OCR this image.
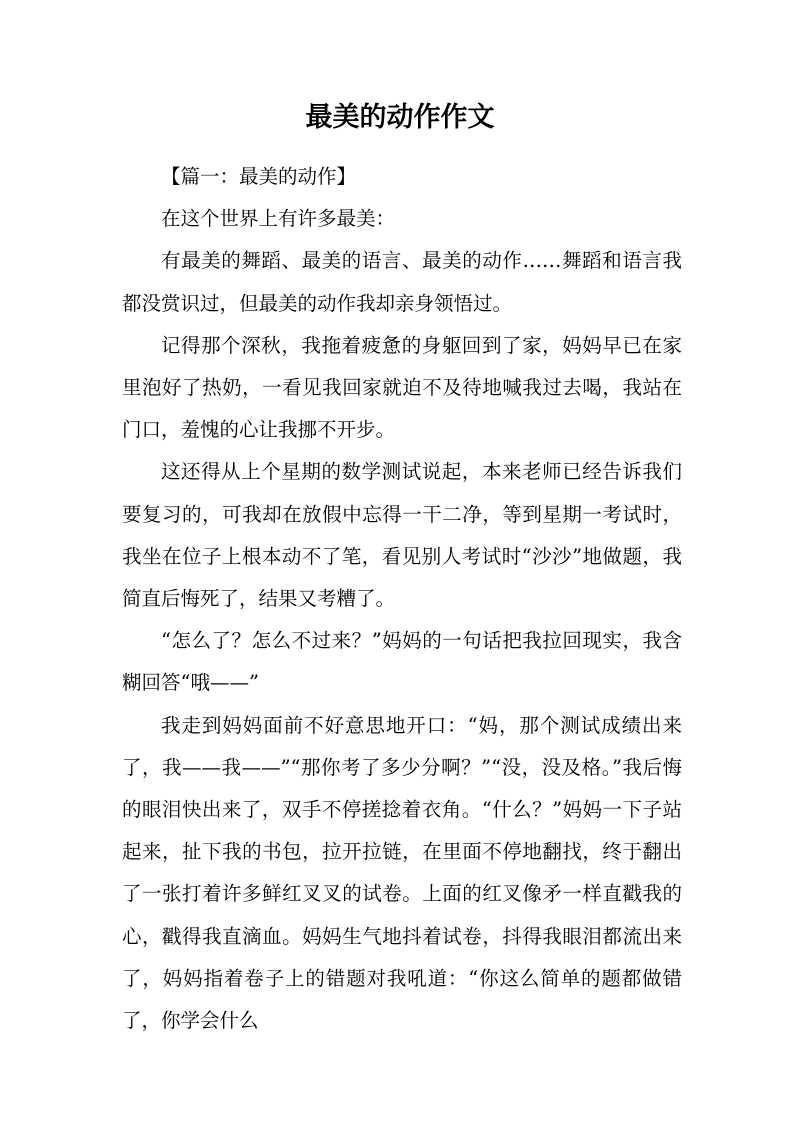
最美的动作作文

【篇一：最美的动作】

在这个世界上有许多最美：

有最美的舞蹈、最美的语言、最美的动作……舞蹈和语言我都没赏识过，但最美的动作我却亲身领悟过。

记得那个深秋，我拖着疲惫的身躯回到了家，妈妈早已在家里泡好了热奶，一看见我回家就迫不及待地喊我过去喝，我站在门口，羞愧的心让我挪不开步。

这还得从上个星期的数学测试说起，本来老师已经告诉我们要复习的，可我却在放假中忘得一干二净，等到星期一考试时，我坐在位子上根本动不了笔，看见别人考试时“沙沙”地做题，我简直后悔死了，结果又考糟了。

“怎么了？怎么不过来？”妈妈的一句话把我拉回现实，我含糊回答“哦——”

我走到妈妈面前不好意思地开口：“妈，那个测试成绩出来了，我——我——”“那你考了多少分啊？”“没，没及格。”我后悔的眼泪快出来了，双手不停搓捻着衣角。“什么？”妈妈一下子站起来，扯下我的书包，拉开拉链，在里面不停地翻找，终于翻出了一张打着许多鲜红叉叉的试卷。上面的红叉像矛一样直戳我的心，戳得我直滴血。妈妈生气地抖着试卷，抖得我眼泪都流出来了，妈妈指着卷子上的错题对我吼道：“你这么简单的题都做错了，你学会什么
